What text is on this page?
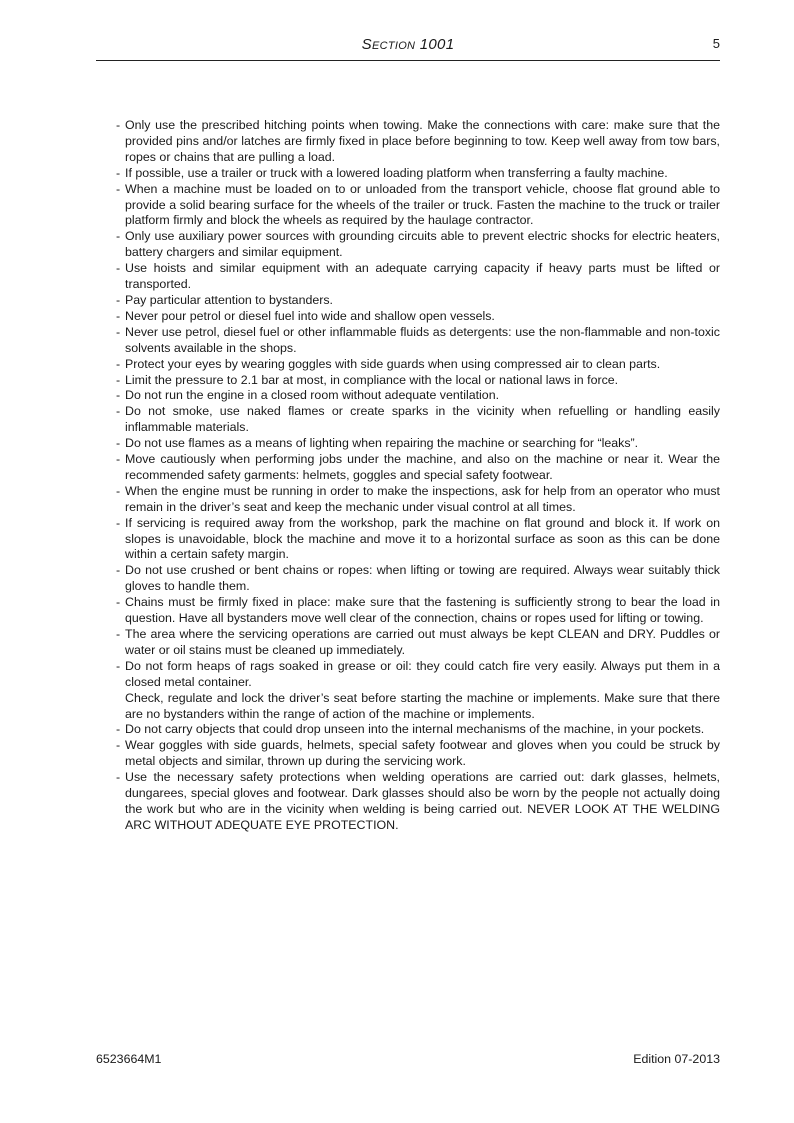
Section 1001	5

- Only use the prescribed hitching points when towing. Make the connections with care: make sure that the provided pins and/or latches are firmly fixed in place before beginning to tow. Keep well away from tow bars, ropes or chains that are pulling a load.

- If possible, use a trailer or truck with a lowered loading platform when transferring a faulty machine.

- When a machine must be loaded on to or unloaded from the transport vehicle, choose flat ground able to provide a solid bearing surface for the wheels of the trailer or truck. Fasten the machine to the truck or trailer platform firmly and block the wheels as required by the haulage contractor.

- Only use auxiliary power sources with grounding circuits able to prevent electric shocks for electric heaters, battery chargers and similar equipment.

- Use hoists and similar equipment with an adequate carrying capacity if heavy parts must be lifted or transported.

- Pay particular attention to bystanders.

- Never pour petrol or diesel fuel into wide and shallow open vessels.

- Never use petrol, diesel fuel or other inflammable fluids as detergents: use the non-flammable and non-toxic solvents available in the shops.

- Protect your eyes by wearing goggles with side guards when using compressed air to clean parts.

- Limit the pressure to 2.1 bar at most, in compliance with the local or national laws in force.

- Do not run the engine in a closed room without adequate ventilation.

- Do not smoke, use naked flames or create sparks in the vicinity when refuelling or handling easily inflammable materials.

- Do not use flames as a means of lighting when repairing the machine or searching for “leaks”.

- Move cautiously when performing jobs under the machine, and also on the machine or near it. Wear the recommended safety garments: helmets, goggles and special safety footwear.

- When the engine must be running in order to make the inspections, ask for help from an operator who must remain in the driver’s seat and keep the mechanic under visual control at all times.

- If servicing is required away from the workshop, park the machine on flat ground and block it. If work on slopes is unavoidable, block the machine and move it to a horizontal surface as soon as this can be done within a certain safety margin.

- Do not use crushed or bent chains or ropes: when lifting or towing are required. Always wear suitably thick gloves to handle them.

- Chains must be firmly fixed in place: make sure that the fastening is sufficiently strong to bear the load in question. Have all bystanders move well clear of the connection, chains or ropes used for lifting or towing.

- The area where the servicing operations are carried out must always be kept CLEAN and DRY. Puddles or water or oil stains must be cleaned up immediately.

- Do not form heaps of rags soaked in grease or oil: they could catch fire very easily. Always put them in a closed metal container.

Check, regulate and lock the driver’s seat before starting the machine or implements. Make sure that there are no bystanders within the range of action of the machine or implements.

- Do not carry objects that could drop unseen into the internal mechanisms of the machine, in your pockets.

- Wear goggles with side guards, helmets, special safety footwear and gloves when you could be struck by metal objects and similar, thrown up during the servicing work.

- Use the necessary safety protections when welding operations are carried out: dark glasses, helmets, dungarees, special gloves and footwear. Dark glasses should also be worn by the people not actually doing the work but who are in the vicinity when welding is being carried out. NEVER LOOK AT THE WELDING ARC WITHOUT ADEQUATE EYE PROTECTION.

6523664M1	Edition 07-2013
